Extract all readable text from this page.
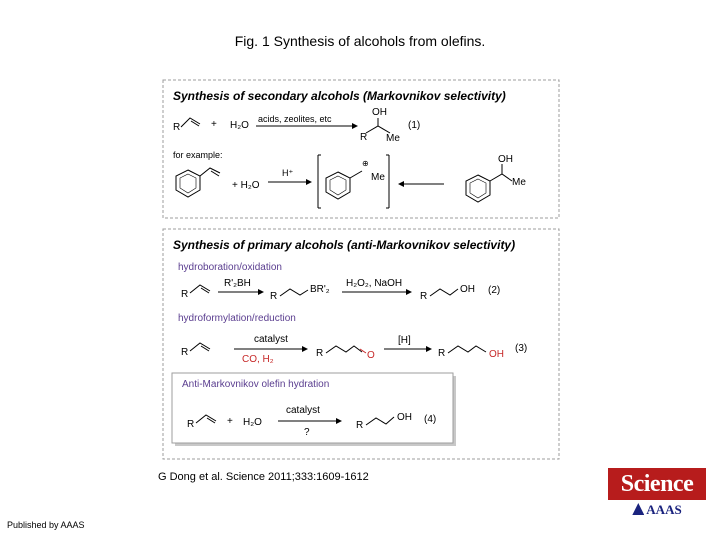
Fig. 1 Synthesis of alcohols from olefins.
Synthesis of secondary alcohols (Markovnikov selectivity)
R	+ H₂O
acids, zeolites, etc
OH
R Me
(1)
for example:
+ H₂O
H⁺
⊕
Me
OH
Me
Synthesis of primary alcohols (anti-Markovnikov selectivity)
hydroboration/oxidation
R
R'₂BH
R
BR'₂
H₂O₂, NaOH
R
OH (2)
hydroformylation/reduction
R
catalyst
CO, H₂
R	O
[H]
R	OH
(3)
Anti-Markovnikov olefin hydration
R	+ H₂O
catalyst
?
R
OH (4)
G Dong et al. Science 2011;333:1609-1612
Published by AAAS
Science
AAAS
